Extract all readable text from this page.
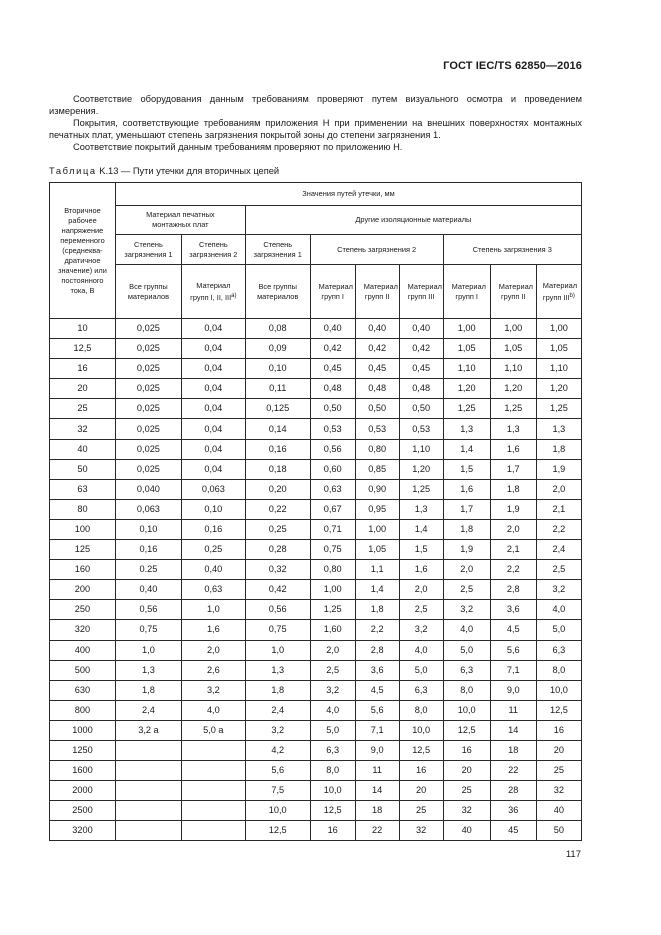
ГОСТ IEC/TS 62850—2016

Соответствие оборудования данным требованиям проверяют путем визуального осмотра и проведением измерения.

Покрытия, соответствующие требованиям приложения H при применении на внешних поверхностях монтажных печатных плат, уменьшают степень загрязнения покрытой зоны до степени загрязнения 1.

Соответствие покрытий данным требованиям проверяют по приложению H.

Таблица K.13 — Пути утечки для вторичных цепей
Вторичное рабочее напряжение переменного (среднеква-дратичное значение) или постоянного тока, В	Значения путей утечки, мм								
	Материал печатных монтажных плат		Другие изоляционные материалы						
	Степень загрязнения 1	Степень загрязнения 2	Степень загрязнения 1	Степень загрязнения 2			Степень загрязнения 3		
	Все группы материалов	Материал групп I, II, $III^{а)}$	Все группы материалов	Материал групп I	Материал групп II	Материал групп III	Материал групп I	Материал групп II	Материал групп III$^{b)}$
10	0,025	0,04	0,08	0,40	0,40	0,40	1,00	1,00	1,00
12,5	0,025	0,04	0,09	0,42	0,42	0,42	1,05	1,05	1,05
16	0,025	0,04	0,10	0,45	0,45	0,45	1,10	1,10	1,10
20	0,025	0,04	0,11	0,48	0,48	0,48	1,20	1,20	1,20
25	0,025	0,04	0,125	0,50	0,50	0,50	1,25	1,25	1,25
32	0,025	0,04	0,14	0,53	0,53	0,53	1,3	1,3	1,3
40	0,025	0,04	0,16	0,56	0,80	1,10	1,4	1,6	1,8
50	0,025	0,04	0,18	0,60	0,85	1,20	1,5	1,7	1,9
63	0,040	0,063	0,20	0,63	0,90	1,25	1,6	1,8	2,0
80	0,063	0,10	0,22	0,67	0,95	1,3	1,7	1,9	2,1
100	0,10	0,16	0,25	0,71	1,00	1,4	1,8	2,0	2,2
125	0,16	0,25	0,28	0,75	1,05	1,5	1,9	2,1	2,4
160	0.25	0,40	0,32	0,80	1,1	1,6	2,0	2,2	2,5
200	0,40	0,63	0,42	1,00	1,4	2,0	2,5	2,8	3,2
250	0,56	1,0	0,56	1,25	1,8	2,5	3,2	3,6	4,0
320	0,75	1,6	0,75	1,60	2,2	3,2	4,0	4,5	5,0
400	1,0	2,0	1,0	2,0	2,8	4,0	5,0	5,6	6,3
500	1,3	2,6	1,3	2,5	3,6	5,0	6,3	7,1	8,0
630	1,8	3,2	1,8	3,2	4,5	6,3	8,0	9,0	10,0
800	2,4	4,0	2,4	4,0	5,6	8,0	10,0	11	12,5
1000	3,2 а	5,0 а	3,2	5,0	7,1	10,0	12,5	14	16
1250			4,2	6,3	9,0	12,5	16	18	20
1600			5,6	8,0	11	16	20	22	25
2000			7,5	10,0	14	20	25	28	32
2500			10,0	12,5	18	25	32	36	40
3200			12,5	16	22	32	40	45	50
117
